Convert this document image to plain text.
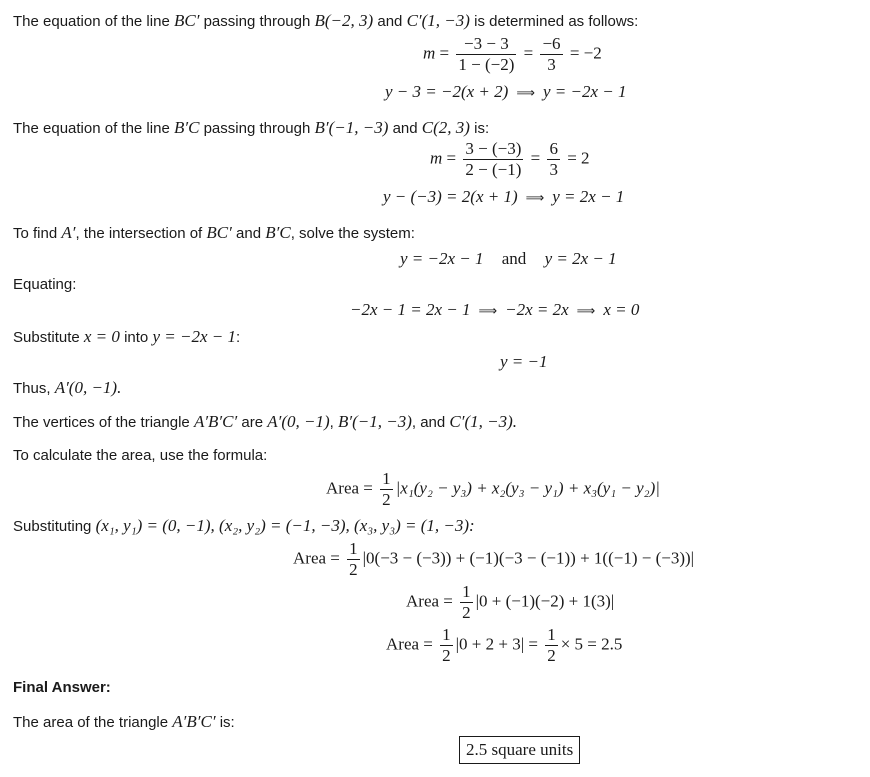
The equation of the line BC′ passing through B(−2, 3) and C′(1, −3) is determined as follows:
$m = \frac{-3 - 3}{1 - (-2)} = \frac{-6}{3} = -2$
y − 3 = −2(x + 2) ⟹ y = −2x − 1
The equation of the line B′C passing through B′(−1, −3) and C(2, 3) is:
$m = \frac{3 - (-3)}{2 - (-1)} = \frac{6}{3} = 2$
y − (−3) = 2(x + 1) ⟹ y = 2x − 1
To find A′, the intersection of BC′ and B′C, solve the system:
y = −2x − 1 and y = 2x − 1
Equating:
−2x − 1 = 2x − 1 ⟹ −2x = 2x ⟹ x = 0
Substitute x = 0 into y = −2x − 1:
y = −1
Thus, A′(0, −1).
The vertices of the triangle A′B′C′ are A′(0, −1), B′(−1, −3), and C′(1, −3).
To calculate the area, use the formula:
Area = $\frac{1}{2} |x_1(y_2 - y_3) + x_2(y_3 - y_1) + x_3(y_1 - y_2)|$
Substituting (x₁, y₁) = (0, −1), (x₂, y₂) = (−1, −3), (x₃, y₃) = (1, −3):
Area = $\frac{1}{2} |0(-3 - (-3)) + (-1)(-3 - (-1)) + 1((-1) - (-3))|$
Area = $\frac{1}{2} |0 + (-1)(-2) + 1(3)|$
Area = $\frac{1}{2} |0 + 2 + 3| = \frac{1}{2} \times 5 = 2.5$
Final Answer:
The area of the triangle A′B′C′ is:
2.5 square units
